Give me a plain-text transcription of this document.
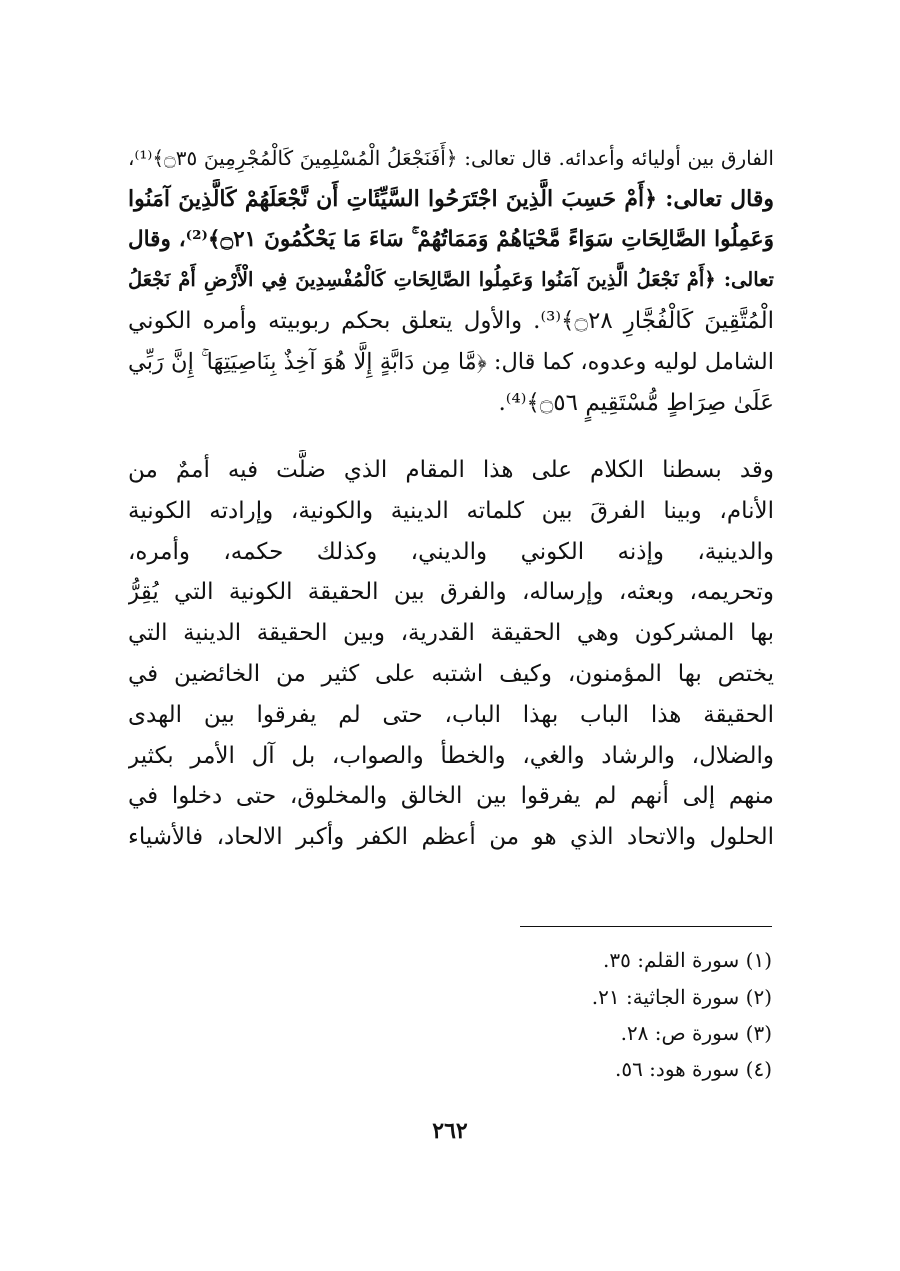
الفارق بين أوليائه وأعدائه. قال تعالى: ﴿أَفَنَجْعَلُ الْمُسْلِمِينَ كَالْمُجْرِمِينَ ۝٣٥﴾⁽¹⁾،
وقال تعالى: ﴿أَمْ حَسِبَ الَّذِينَ اجْتَرَحُوا السَّيِّئَاتِ أَن نَّجْعَلَهُمْ كَالَّذِينَ آمَنُوا
وَعَمِلُوا الصَّالِحَاتِ سَوَاءً مَّحْيَاهُمْ وَمَمَاتُهُمْ ۚ سَاءَ مَا يَحْكُمُونَ ۝٢١﴾⁽²⁾، وقال
تعالى: ﴿أَمْ نَجْعَلُ الَّذِينَ آمَنُوا وَعَمِلُوا الصَّالِحَاتِ كَالْمُفْسِدِينَ فِي الْأَرْضِ أَمْ نَجْعَلُ
الْمُتَّقِينَ كَالْفُجَّارِ ۝٢٨﴾⁽³⁾. والأول يتعلق بحكم ربوبيته وأمره الكوني
الشامل لوليه وعدوه، كما قال: ﴿مَّا مِن دَابَّةٍ إِلَّا هُوَ آخِذٌ بِنَاصِيَتِهَا ۚ إِنَّ رَبِّي
عَلَىٰ صِرَاطٍ مُّسْتَقِيمٍ ۝٥٦﴾⁽⁴⁾.
وقد بسطنا الكلام على هذا المقام الذي ضلَّت فيه أممٌ من
الأنام، وبينا الفرقَ بين كلماته الدينية والكونية، وإرادته الكونية
والدينية، وإذنه الكوني والديني، وكذلك حكمه، وأمره،
وتحريمه، وبعثه، وإرساله، والفرق بين الحقيقة الكونية التي يُقِرُّ
بها المشركون وهي الحقيقة القدرية، وبين الحقيقة الدينية التي
يختص بها المؤمنون، وكيف اشتبه على كثير من الخائضين في
الحقيقة هذا الباب بهذا الباب، حتى لم يفرقوا بين الهدى
والضلال، والرشاد والغي، والخطأ والصواب، بل آل الأمر بكثير
منهم إلى أنهم لم يفرقوا بين الخالق والمخلوق، حتى دخلوا في
الحلول والاتحاد الذي هو من أعظم الكفر وأكبر الالحاد، فالأشياء
(١) سورة القلم: ٣٥.
(٢) سورة الجاثية: ٢١.
(٣) سورة ص: ٢٨.
(٤) سورة هود: ٥٦.
٢٦٢
